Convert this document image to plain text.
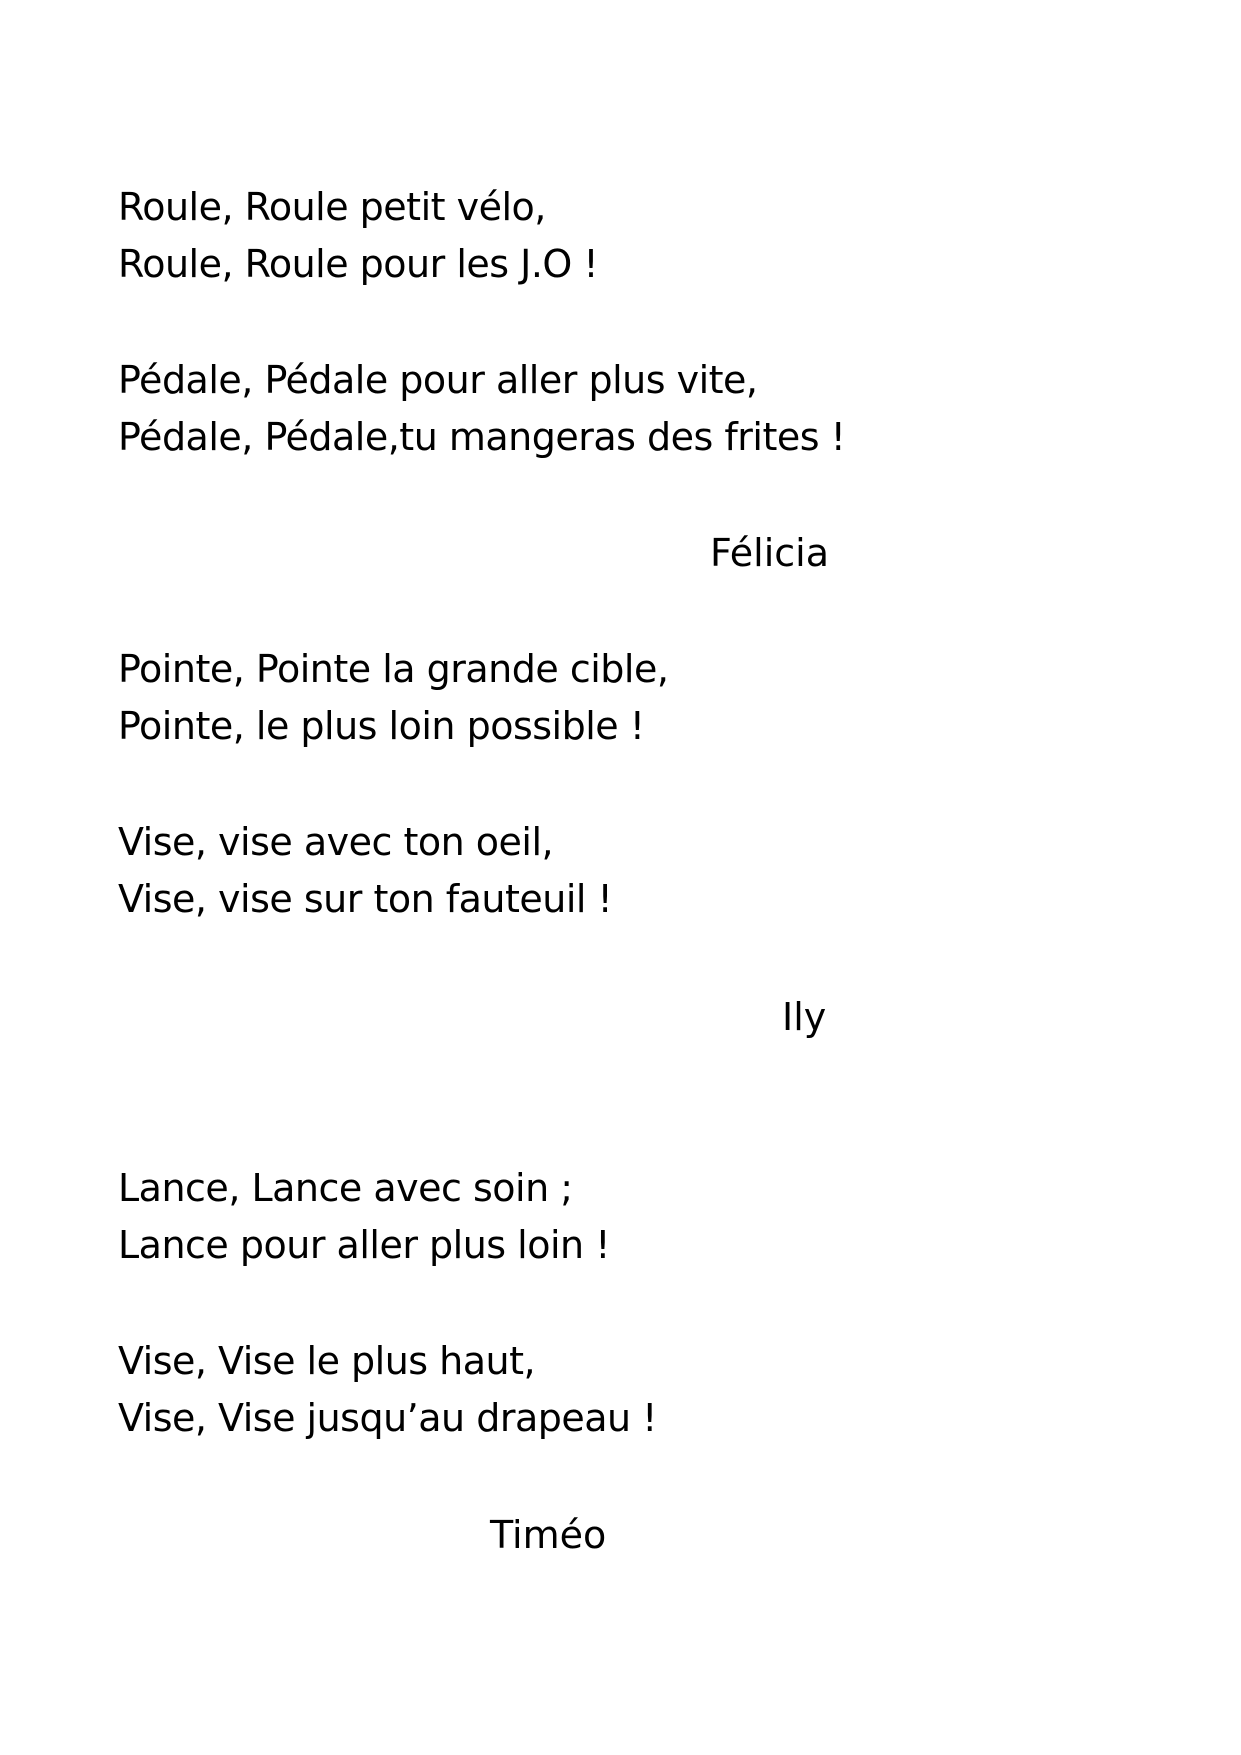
Roule, Roule petit vélo,
Roule, Roule pour les J.O !
Pédale, Pédale pour aller plus vite,
Pédale, Pédale,tu mangeras des frites !
Félicia
Pointe, Pointe la grande cible,
Pointe, le plus loin possible !
Vise, vise avec ton oeil,
Vise, vise sur ton fauteuil !
Ily
Lance, Lance avec soin ;
Lance pour aller plus loin !
Vise, Vise le plus haut,
Vise, Vise jusqu’au drapeau !
Timéo
